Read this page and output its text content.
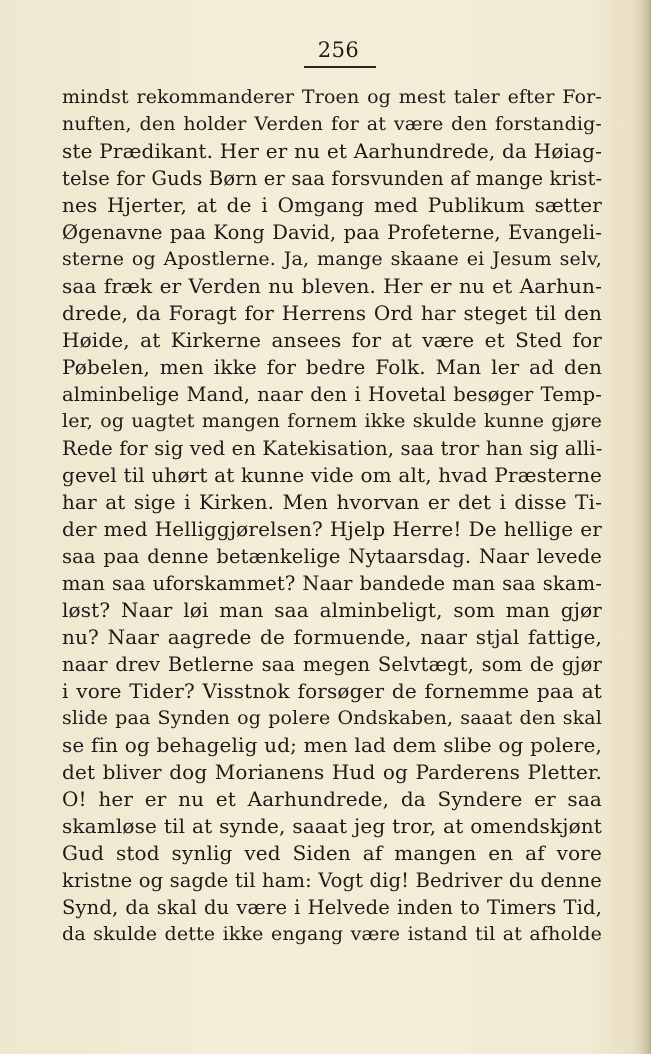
256
mindst rekommanderer Troen og mest taler efter For-
nuften, den holder Verden for at være den forstandig-
ste Prædikant. Her er nu et Aarhundrede, da Høiag-
telse for Guds Børn er saa forsvunden af mange krist-
nes Hjerter, at de i Omgang med Publikum sætter
Øgenavne paa Kong David, paa Profeterne, Evangeli-
sterne og Apostlerne. Ja, mange skaane ei Jesum selv,
saa fræk er Verden nu bleven. Her er nu et Aarhun-
drede, da Foragt for Herrens Ord har steget til den
Høide, at Kirkerne ansees for at være et Sted for
Pøbelen, men ikke for bedre Folk. Man ler ad den
alminbelige Mand, naar den i Hovetal besøger Temp-
ler, og uagtet mangen fornem ikke skulde kunne gjøre
Rede for sig ved en Katekisation, saa tror han sig alli-
gevel til uhørt at kunne vide om alt, hvad Præsterne
har at sige i Kirken. Men hvorvan er det i disse Ti-
der med Helliggjørelsen? Hjelp Herre! De hellige er
saa paa denne betænkelige Nytaarsdag. Naar levede
man saa uforskammet? Naar bandede man saa skam-
løst? Naar løi man saa alminbeligt, som man gjør
nu? Naar aagrede de formuende, naar stjal fattige,
naar drev Betlerne saa megen Selvtægt, som de gjør
i vore Tider? Visstnok forsøger de fornemme paa at
slide paa Synden og polere Ondskaben, saaat den skal
se fin og behagelig ud; men lad dem slibe og polere,
det bliver dog Morianens Hud og Parderens Pletter.
O! her er nu et Aarhundrede, da Syndere er saa
skamløse til at synde, saaat jeg tror, at omendskjønt
Gud stod synlig ved Siden af mangen en af vore
kristne og sagde til ham: Vogt dig! Bedriver du denne
Synd, da skal du være i Helvede inden to Timers Tid,
da skulde dette ikke engang være istand til at afholde
